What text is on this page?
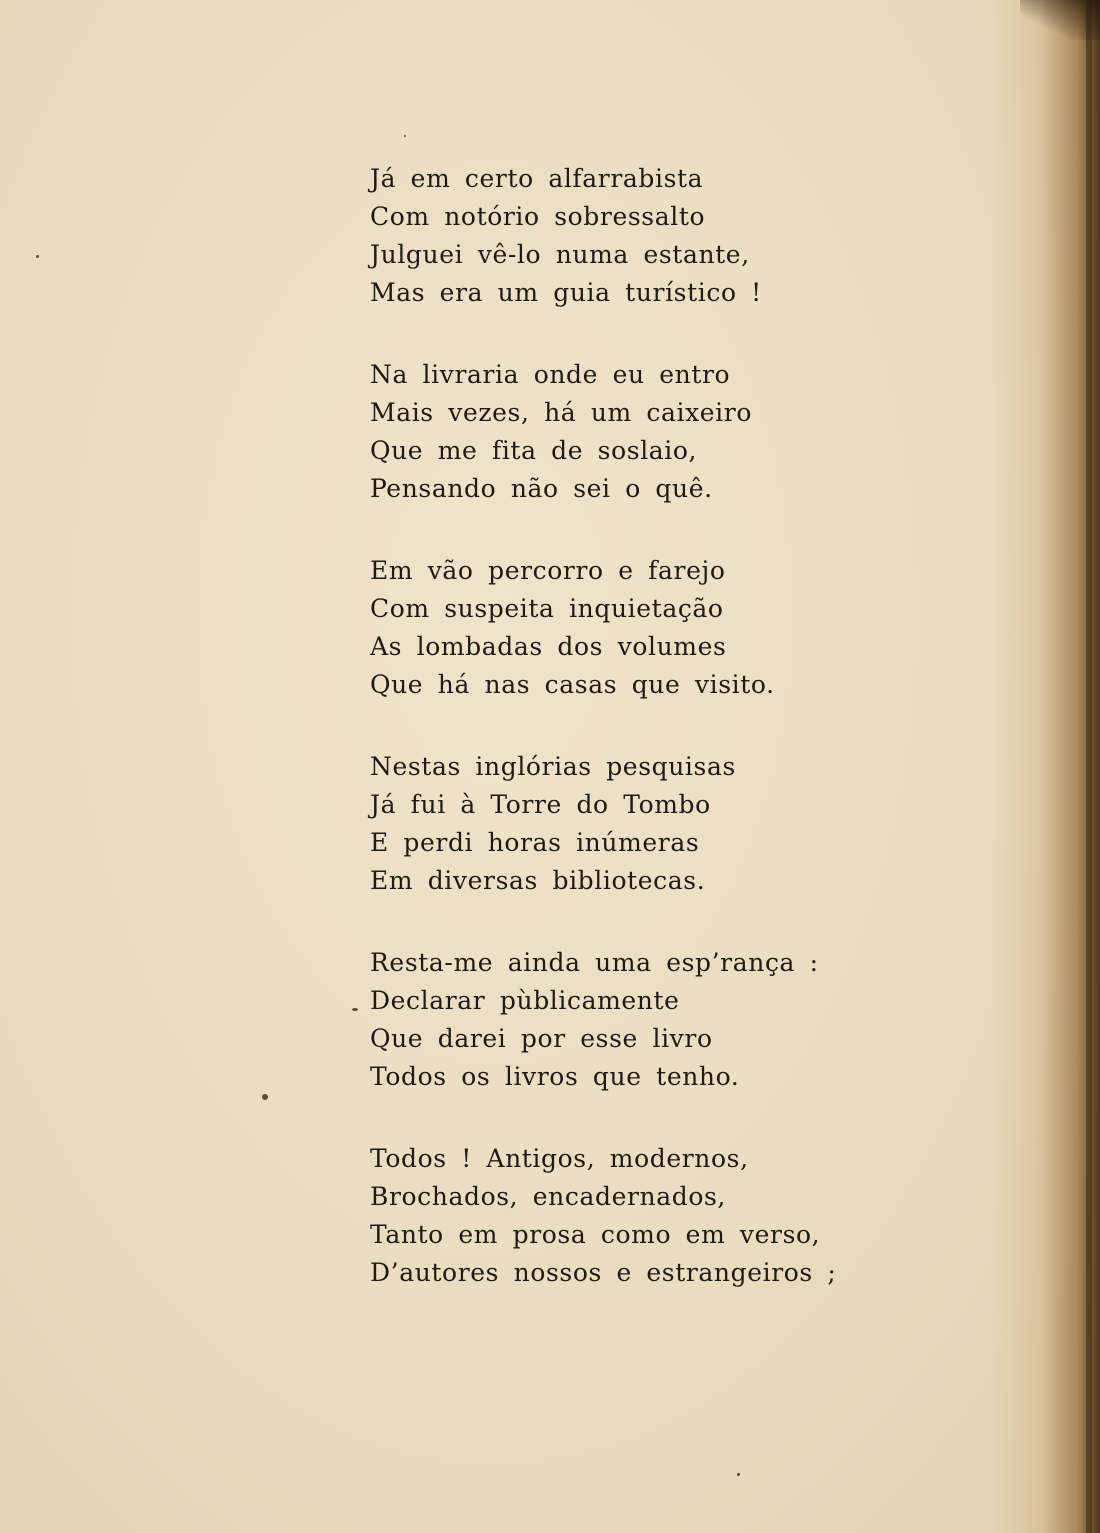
Já em certo alfarrabista
Com notório sobressalto
Julguei vê-lo numa estante,
Mas era um guia turístico !
Na livraria onde eu entro
Mais vezes, há um caixeiro
Que me fita de soslaio,
Pensando não sei o quê.
Em vão percorro e farejo
Com suspeita inquietação
As lombadas dos volumes
Que há nas casas que visito.
Nestas inglórias pesquisas
Já fui à Torre do Tombo
E perdi horas inúmeras
Em diversas bibliotecas.
Resta-me ainda uma esp’rança :
Declarar pùblicamente
Que darei por esse livro
Todos os livros que tenho.
Todos ! Antigos, modernos,
Brochados, encadernados,
Tanto em prosa como em verso,
D’autores nossos e estrangeiros ;
